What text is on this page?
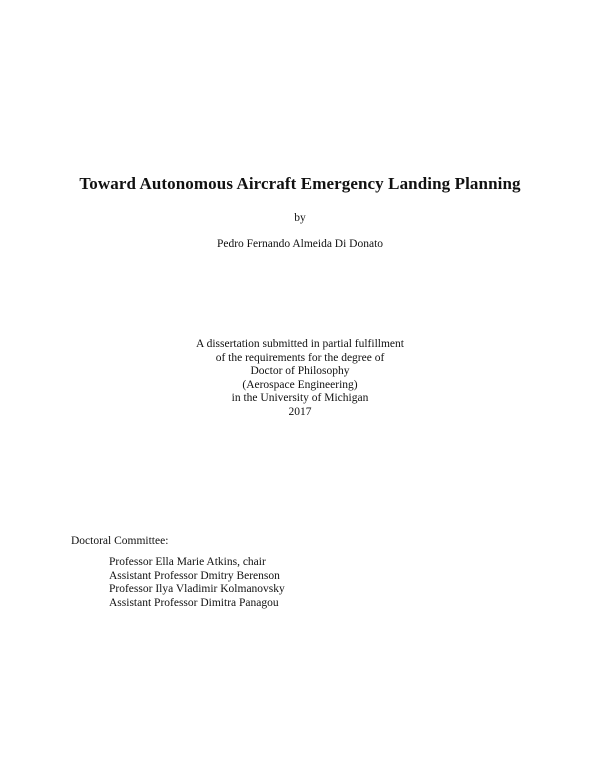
Toward Autonomous Aircraft Emergency Landing Planning
by
Pedro Fernando Almeida Di Donato
A dissertation submitted in partial fulfillment
of the requirements for the degree of
Doctor of Philosophy
(Aerospace Engineering)
in the University of Michigan
2017
Doctoral Committee:
Professor Ella Marie Atkins, chair
Assistant Professor Dmitry Berenson
Professor Ilya Vladimir Kolmanovsky
Assistant Professor Dimitra Panagou
